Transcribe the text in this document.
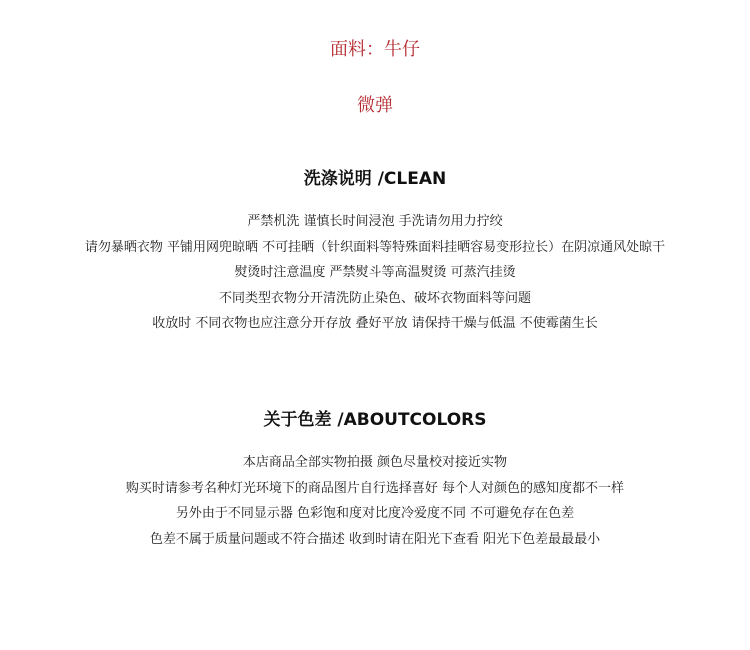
面料：牛仔
微弹
洗涤说明 /CLEAN
严禁机洗 谨慎长时间浸泡 手洗请勿用力拧绞
请勿暴晒衣物 平铺用网兜晾晒 不可挂晒（针织面料等特殊面料挂晒容易变形拉长）在阴凉通风处晾干
熨烫时注意温度 严禁熨斗等高温熨烫 可蒸汽挂烫
不同类型衣物分开清洗防止染色、破坏衣物面料等问题
收放时 不同衣物也应注意分开存放 叠好平放 请保持干燥与低温 不使霉菌生长
关于色差 /ABOUTCOLORS
本店商品全部实物拍摄 颜色尽量校对接近实物
购买时请参考名种灯光环境下的商品图片自行选择喜好 每个人对颜色的感知度都不一样
另外由于不同显示器 色彩饱和度对比度冷爱度不同 不可避免存在色差
色差不属于质量问题或不符合描述 收到时请在阳光下查看 阳光下色差最最最小
